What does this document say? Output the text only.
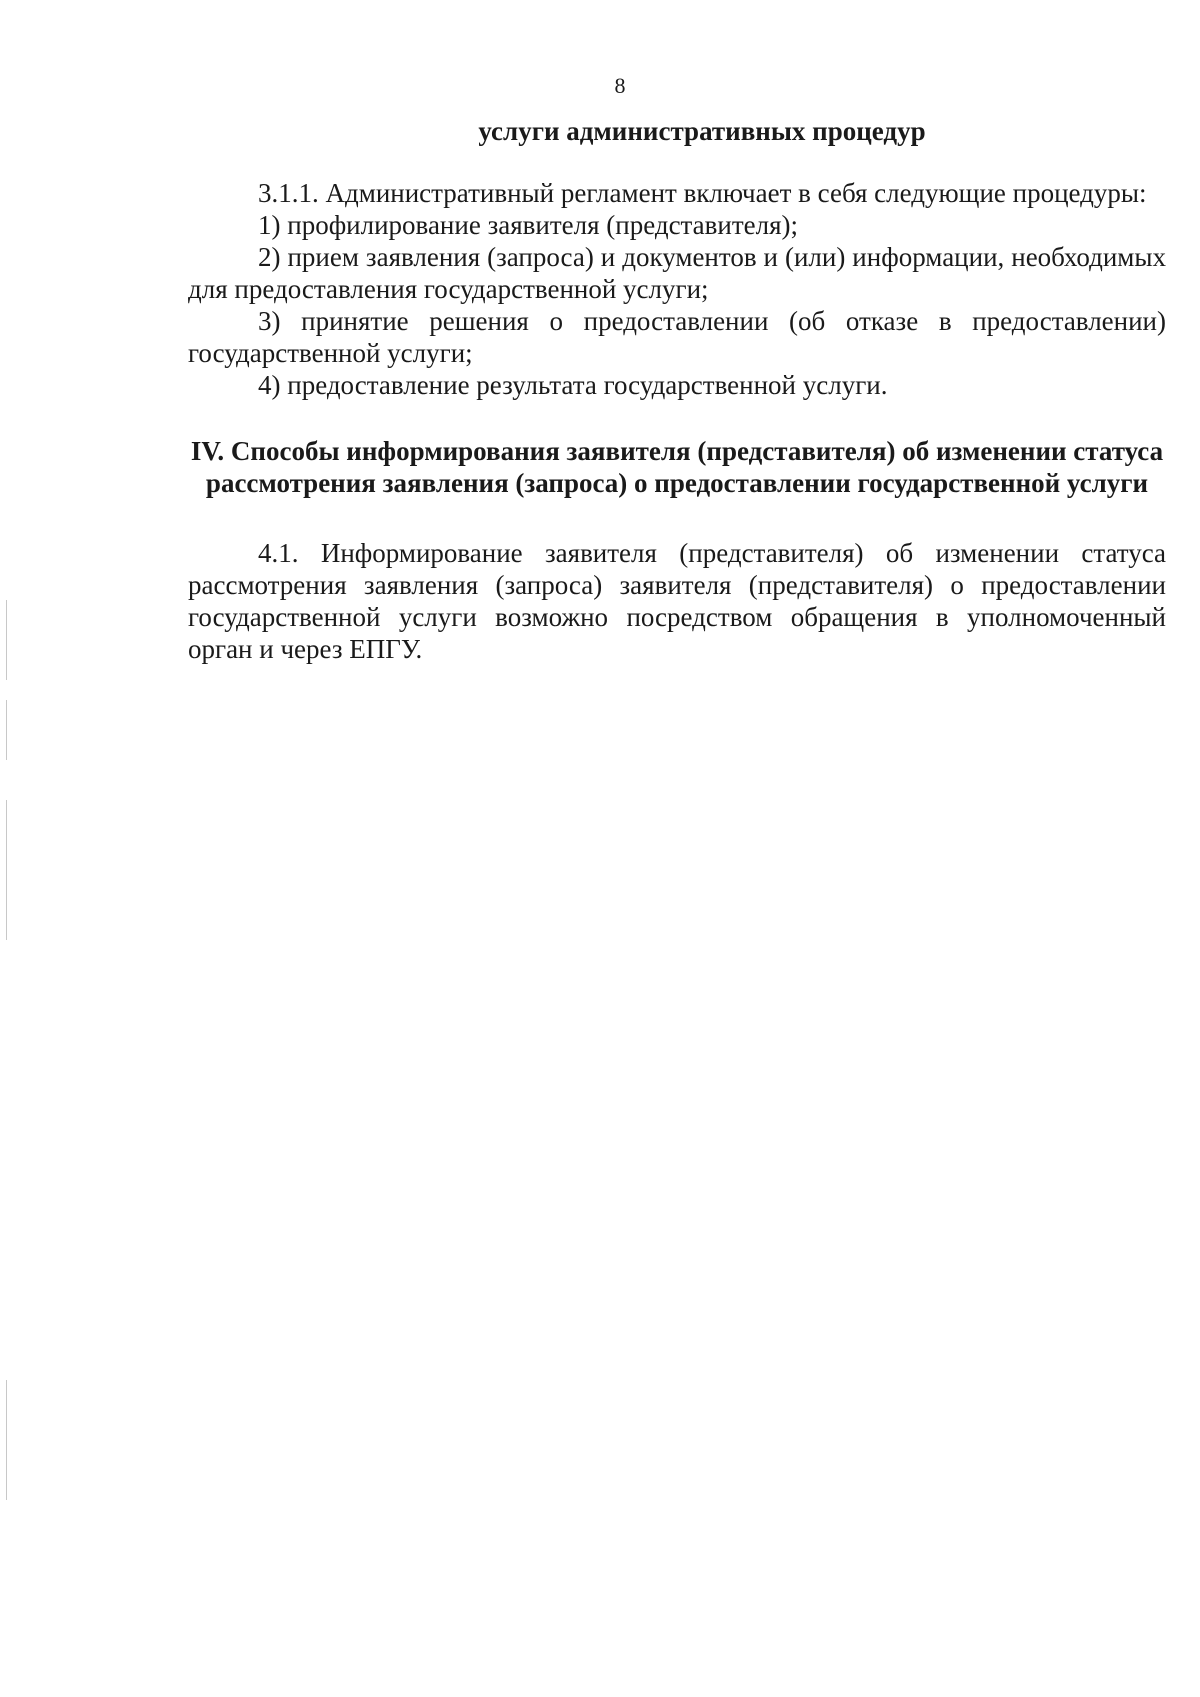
8

услуги административных процедур

3.1.1. Административный регламент включает в себя следующие процедуры:

1) профилирование заявителя (представителя);

2) прием заявления (запроса) и документов и (или) информации, необходимых для предоставления государственной услуги;

3) принятие решения о предоставлении (об отказе в предоставлении) государственной услуги;

4) предоставление результата государственной услуги.

IV. Способы информирования заявителя (представителя) об изменении статуса рассмотрения заявления (запроса) о предоставлении государственной услуги

4.1. Информирование заявителя (представителя) об изменении статуса рассмотрения заявления (запроса) заявителя (представителя) о предоставлении государственной услуги возможно посредством обращения в уполномоченный орган и через ЕПГУ.
